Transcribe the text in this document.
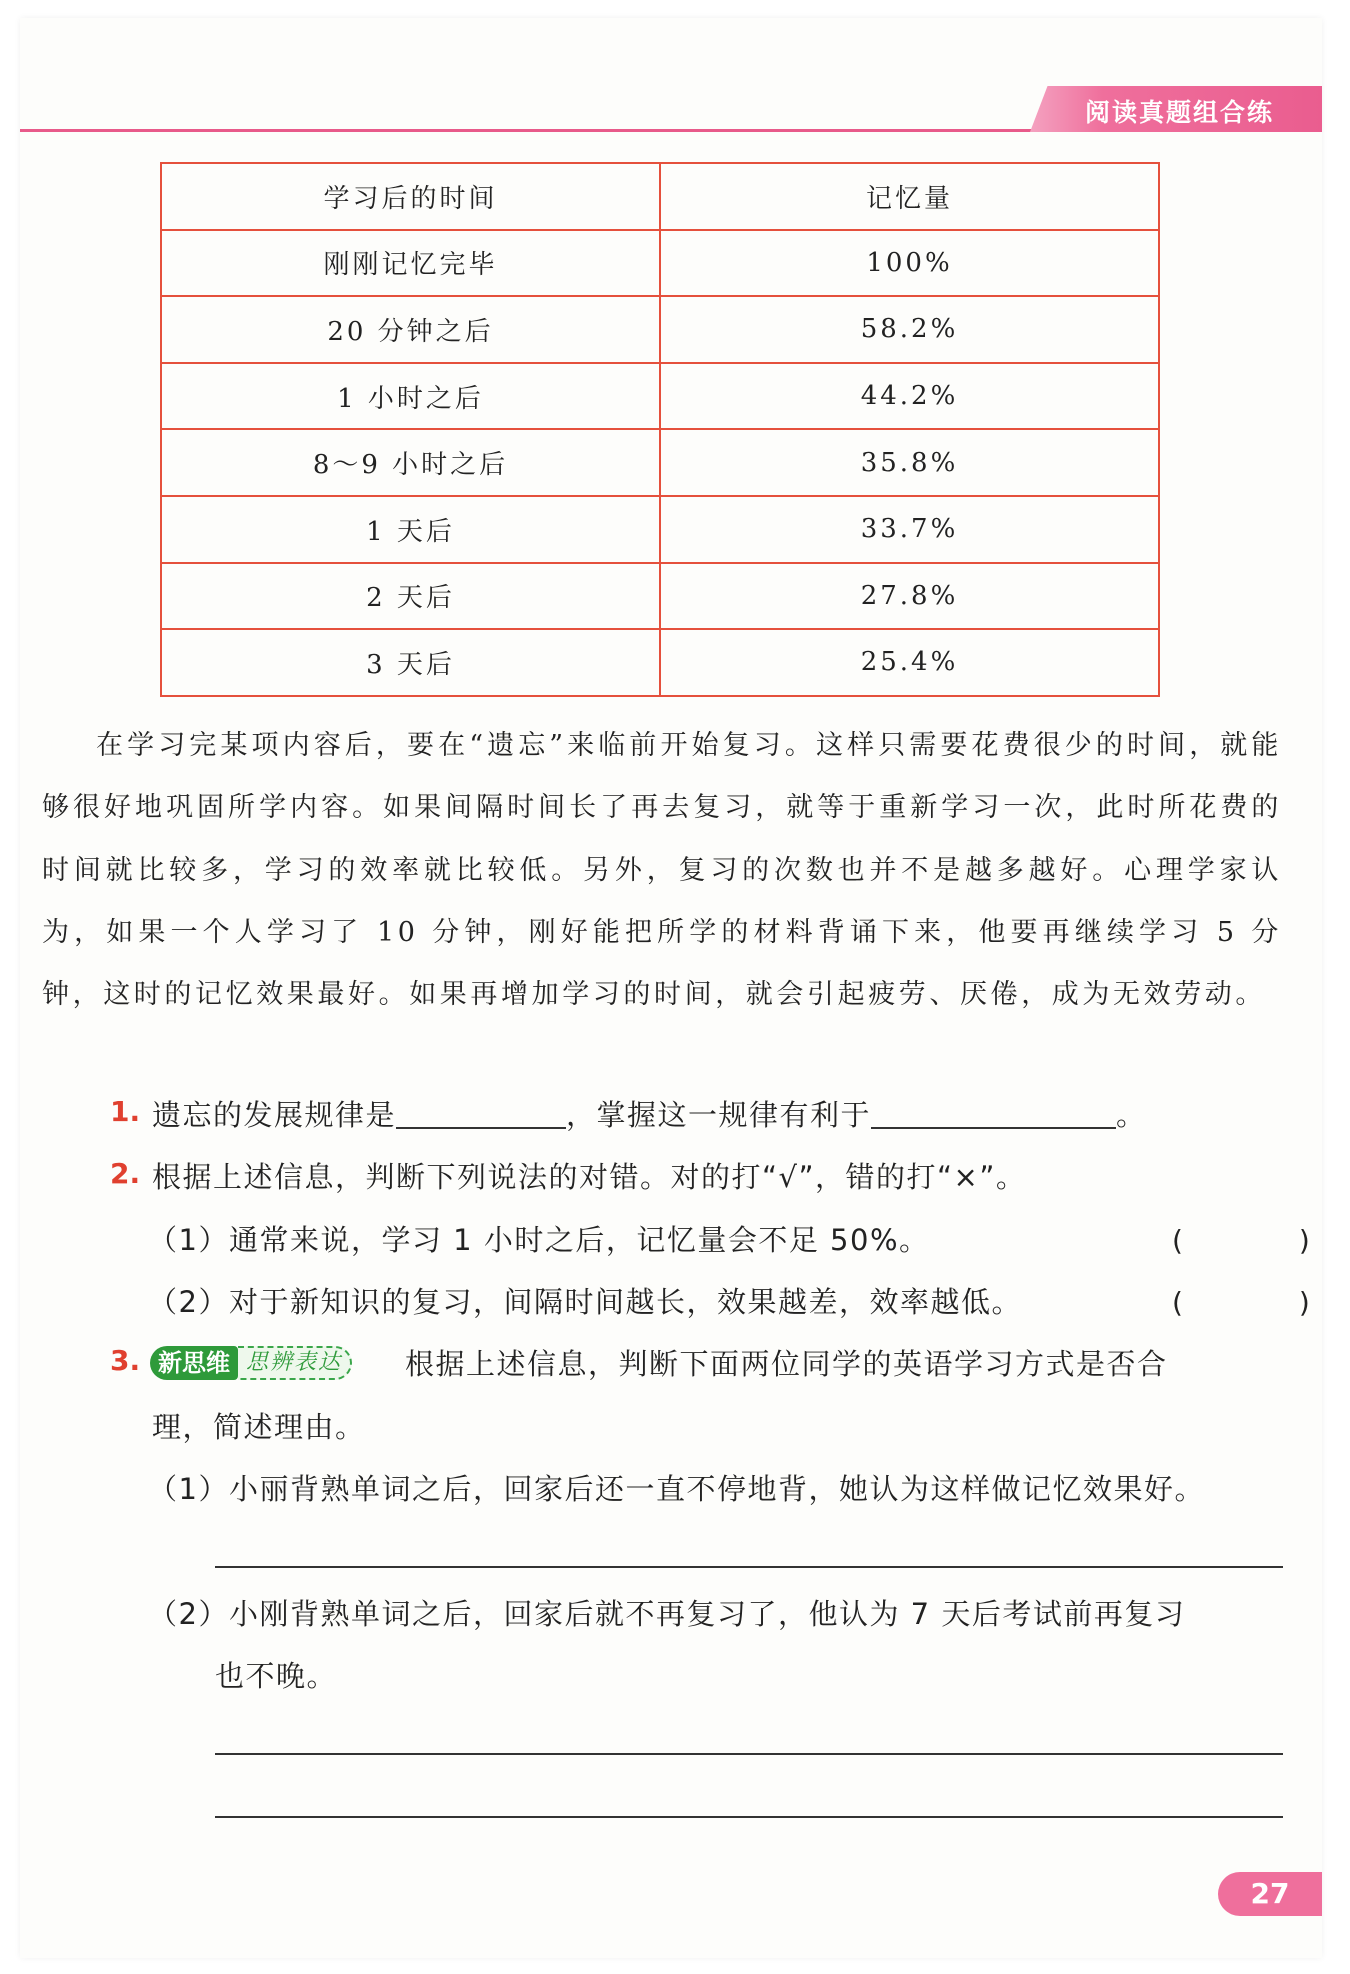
阅读真题组合练
学习后的时间	记忆量
刚刚记忆完毕	100%
20 分钟之后	58.2%
1 小时之后	44.2%
8～9 小时之后	35.8%
1 天后	33.7%
2 天后	27.8%
3 天后	25.4%

在学习完某项内容后，要在“遗忘”来临前开始复习。这样只需要花费很少的时间，就能够很好地巩固所学内容。如果间隔时间长了再去复习，就等于重新学习一次，此时所花费的时间就比较多，学习的效率就比较低。另外，复习的次数也并不是越多越好。心理学家认为，如果一个人学习了 10 分钟，刚好能把所学的材料背诵下来，他要再继续学习 5 分钟，这时的记忆效果最好。如果再增加学习的时间，就会引起疲劳、厌倦，成为无效劳动。

1. 遗忘的发展规律是	，掌握这一规律有利于	。
2. 根据上述信息，判断下列说法的对错。对的打“√”，错的打“×”。
（1）通常来说，学习 1 小时之后，记忆量会不足 50%。	(　　)
（2）对于新知识的复习，间隔时间越长，效果越差，效率越低。	(　　)
3. 新思维 思辨表达	根据上述信息，判断下面两位同学的英语学习方式是否合
理，简述理由。
（1）小丽背熟单词之后，回家后还一直不停地背，她认为这样做记忆效果好。
（2）小刚背熟单词之后，回家后就不再复习了，他认为 7 天后考试前再复习
也不晚。
27
